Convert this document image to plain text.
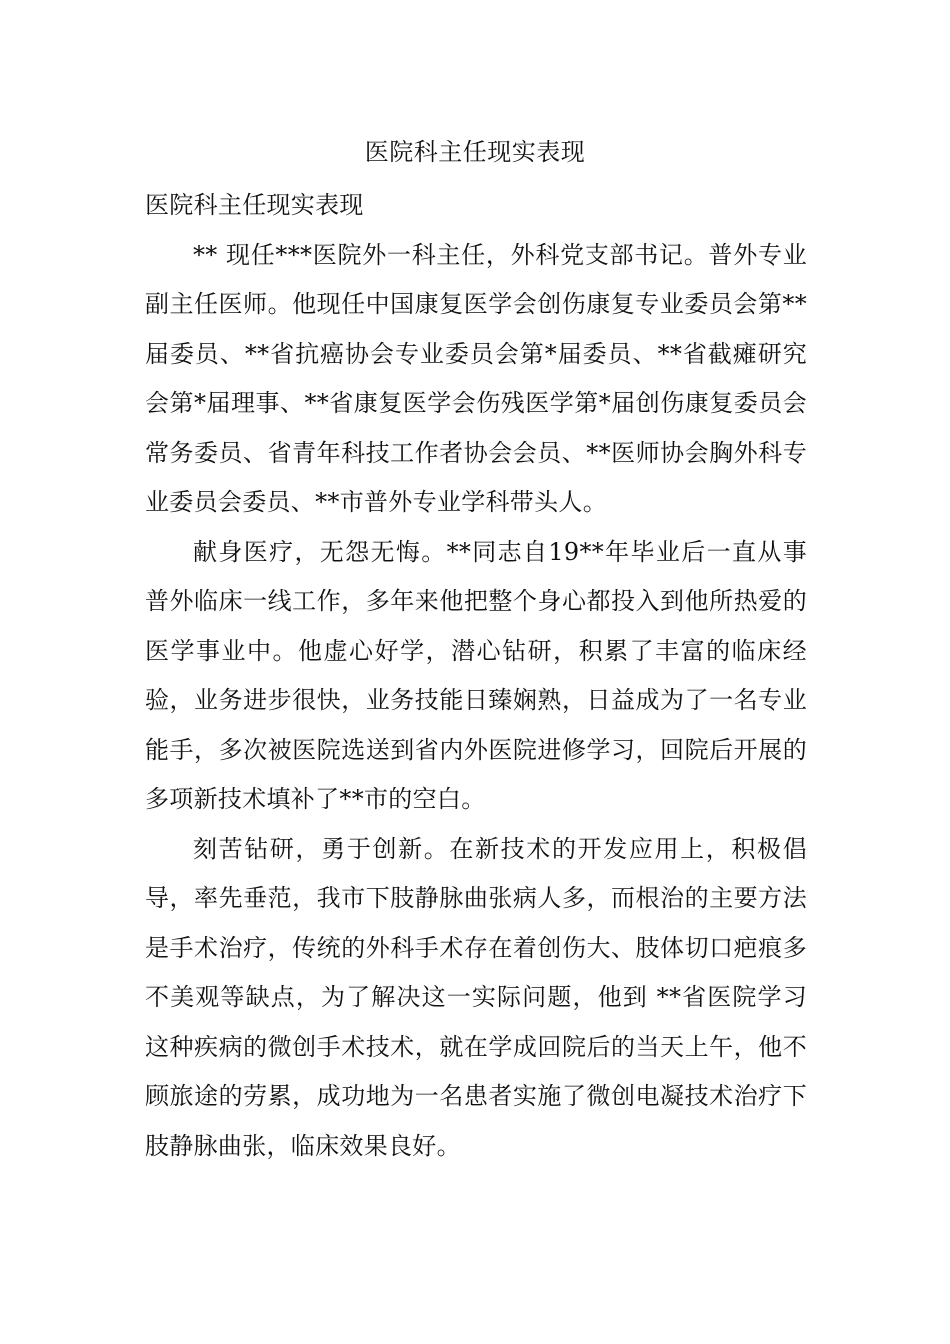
医院科主任现实表现

医院科主任现实表现

** 现任***医院外一科主任，外科党支部书记。普外专业副主任医师。他现任中国康复医学会创伤康复专业委员会第**届委员、**省抗癌协会专业委员会第*届委员、**省截瘫研究会第*届理事、**省康复医学会伤残医学第*届创伤康复委员会常务委员、省青年科技工作者协会会员、**医师协会胸外科专业委员会委员、**市普外专业学科带头人。

献身医疗，无怨无悔。**同志自19**年毕业后一直从事普外临床一线工作，多年来他把整个身心都投入到他所热爱的医学事业中。他虚心好学，潜心钻研，积累了丰富的临床经验，业务进步很快，业务技能日臻娴熟，日益成为了一名专业能手，多次被医院选送到省内外医院进修学习，回院后开展的多项新技术填补了**市的空白。

刻苦钻研，勇于创新。在新技术的开发应用上，积极倡导，率先垂范，我市下肢静脉曲张病人多，而根治的主要方法是手术治疗，传统的外科手术存在着创伤大、肢体切口疤痕多不美观等缺点，为了解决这一实际问题，他到 **省医院学习这种疾病的微创手术技术，就在学成回院后的当天上午，他不顾旅途的劳累，成功地为一名患者实施了微创电凝技术治疗下肢静脉曲张，临床效果良好。
